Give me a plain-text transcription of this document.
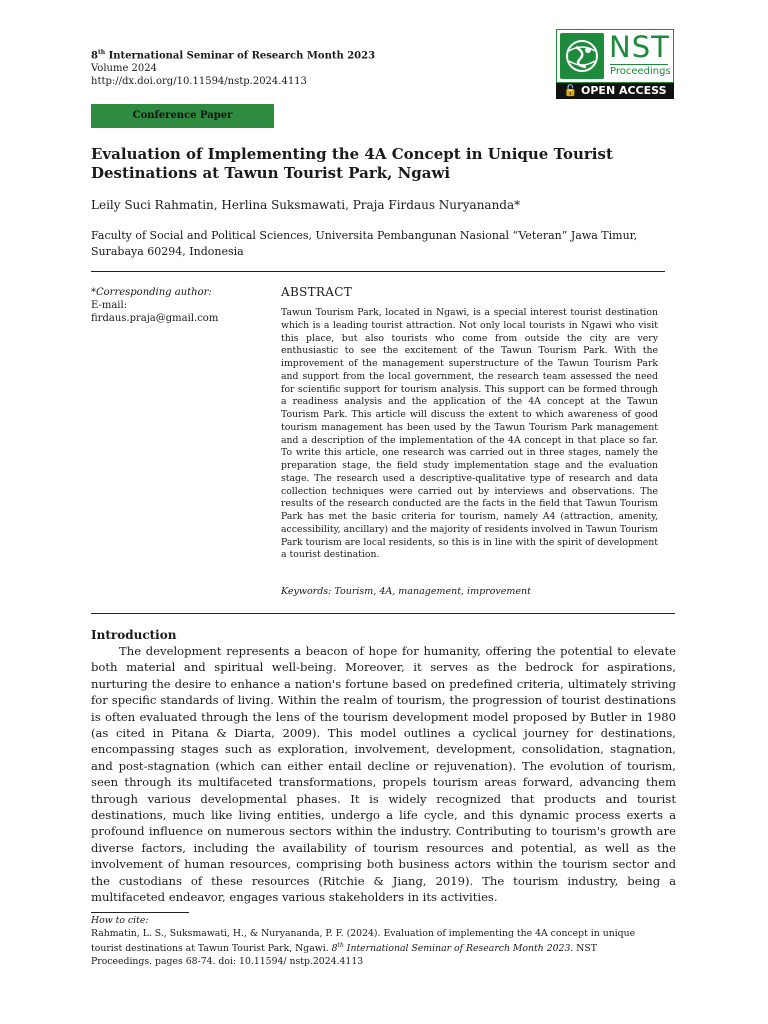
8th International Seminar of Research Month 2023
Volume 2024
http://dx.doi.org/10.11594/nstp.2024.4113
NST
Proceedings
🔓 OPEN ACCESS
Conference Paper
Evaluation of Implementing the 4A Concept in Unique Tourist Destinations at Tawun Tourist Park, Ngawi
Leily Suci Rahmatin, Herlina Suksmawati, Praja Firdaus Nuryananda*
Faculty of Social and Political Sciences, Universita Pembangunan Nasional “Veteran” Jawa Timur, Surabaya 60294, Indonesia
*Corresponding author:
E-mail:
firdaus.praja@gmail.com
ABSTRACT
Tawun Tourism Park, located in Ngawi, is a special interest tourist destination which is a leading tourist attraction. Not only local tourists in Ngawi who visit this place, but also tourists who come from outside the city are very enthusiastic to see the excitement of the Tawun Tourism Park. With the improvement of the management superstructure of the Tawun Tourism Park and support from the local government, the research team assessed the need for scientific support for tourism analysis. This support can be formed through a readiness analysis and the application of the 4A concept at the Tawun Tourism Park. This article will discuss the extent to which awareness of good tourism management has been used by the Tawun Tourism Park management and a description of the implementation of the 4A concept in that place so far. To write this article, one research was carried out in three stages, namely the preparation stage, the field study implementation stage and the evaluation stage. The research used a descriptive-qualitative type of research and data collection techniques were carried out by interviews and observations. The results of the research conducted are the facts in the field that Tawun Tourism Park has met the basic criteria for tourism, namely A4 (attraction, amenity, accessibility, ancillary) and the majority of residents involved in Tawun Tourism Park tourism are local residents, so this is in line with the spirit of development a tourist destination.
Keywords: Tourism, 4A, management, improvement
Introduction

The development represents a beacon of hope for humanity, offering the potential to elevate both material and spiritual well-being. Moreover, it serves as the bedrock for aspirations, nurturing the desire to enhance a nation's fortune based on predefined criteria, ultimately striving for specific standards of living. Within the realm of tourism, the progression of tourist destinations is often evaluated through the lens of the tourism development model proposed by Butler in 1980 (as cited in Pitana & Diarta, 2009). This model outlines a cyclical journey for destinations, encompassing stages such as exploration, involvement, development, consolidation, stagnation, and post-stagnation (which can either entail decline or rejuvenation). The evolution of tourism, seen through its multifaceted transformations, propels tourism areas forward, advancing them through various developmental phases. It is widely recognized that products and tourist destinations, much like living entities, undergo a life cycle, and this dynamic process exerts a profound influence on numerous sectors within the industry. Contributing to tourism's growth are diverse factors, including the availability of tourism resources and potential, as well as the involvement of human resources, comprising both business actors within the tourism sector and the custodians of these resources (Ritchie & Jiang, 2019). The tourism industry, being a multifaceted endeavor, engages various stakeholders in its activities.

How to cite:
Rahmatin, L. S., Suksmawati, H., & Nuryananda, P. F. (2024). Evaluation of implementing the 4A concept in unique tourist destinations at Tawun Tourist Park, Ngawi. 8th International Seminar of Research Month 2023. NST Proceedings. pages 68-74. doi: 10.11594/ nstp.2024.4113
